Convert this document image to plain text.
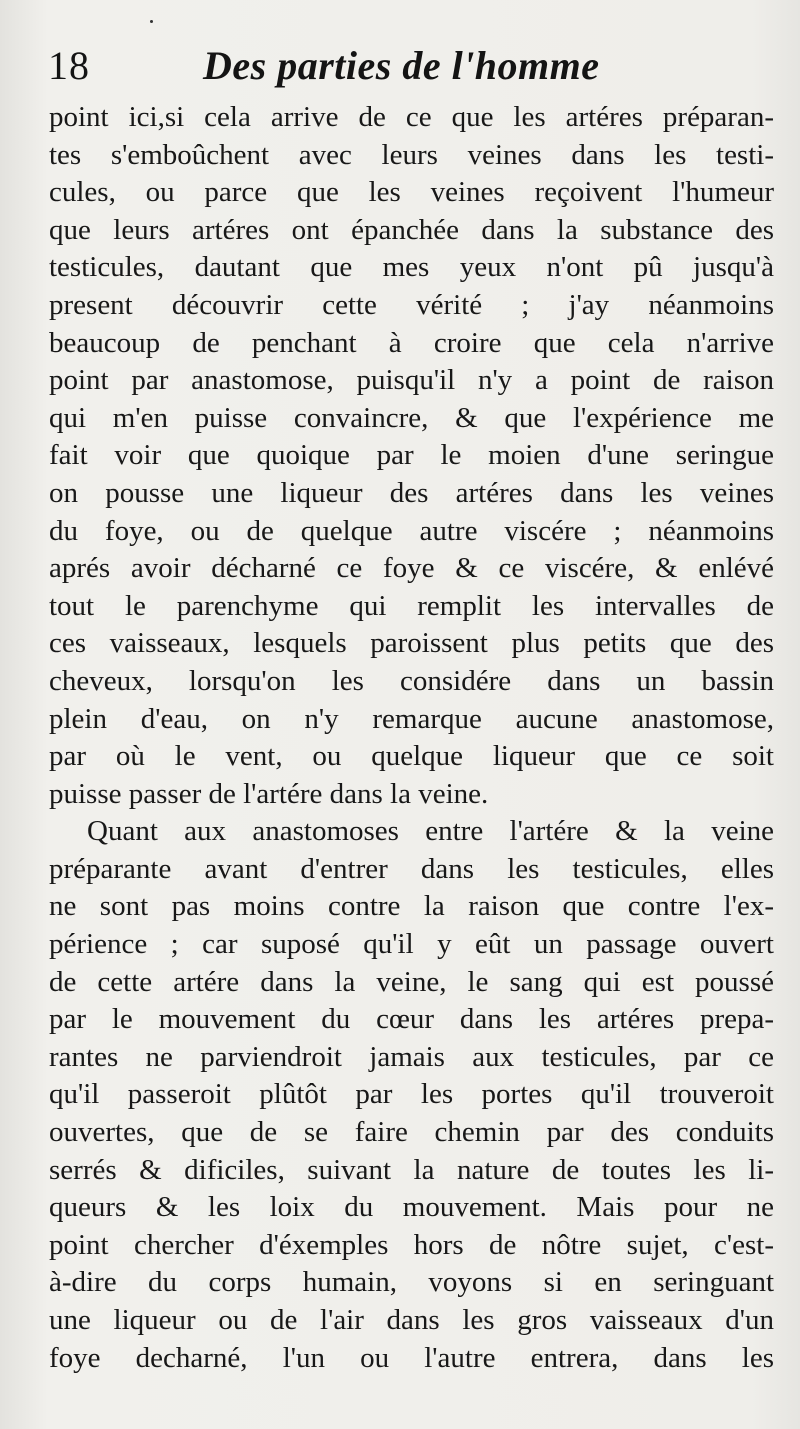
18	Des parties de l'homme
point ici,si cela arrive de ce que les artéres préparan-
tes s'emboûchent avec leurs veines dans les testi-
cules, ou parce que les veines reçoivent l'humeur
que leurs artéres ont épanchée dans la substance des
testicules, dautant que mes yeux n'ont pû jusqu'à
present découvrir cette vérité ; j'ay néanmoins
beaucoup de penchant à croire que cela n'arrive
point par anastomose, puisqu'il n'y a point de raison
qui m'en puisse convaincre, & que l'expérience me
fait voir que quoique par le moien d'une seringue
on pousse une liqueur des artéres dans les veines
du foye, ou de quelque autre viscére ; néanmoins
aprés avoir décharné ce foye & ce viscére, & enlévé
tout le parenchyme qui remplit les intervalles de
ces vaisseaux, lesquels paroissent plus petits que des
cheveux, lorsqu'on les considére dans un bassin
plein d'eau, on n'y remarque aucune anastomose,
par où le vent, ou quelque liqueur que ce soit
puisse passer de l'artére dans la veine.
Quant aux anastomoses entre l'artére & la veine
préparante avant d'entrer dans les testicules, elles
ne sont pas moins contre la raison que contre l'ex-
périence ; car suposé qu'il y eût un passage ouvert
de cette artére dans la veine, le sang qui est poussé
par le mouvement du cœur dans les artéres prepa-
rantes ne parviendroit jamais aux testicules, par ce
qu'il passeroit plûtôt par les portes qu'il trouveroit
ouvertes, que de se faire chemin par des conduits
serrés & dificiles, suivant la nature de toutes les li-
queurs & les loix du mouvement. Mais pour ne
point chercher d'éxemples hors de nôtre sujet, c'est-
à-dire du corps humain, voyons si en seringuant
une liqueur ou de l'air dans les gros vaisseaux d'un
foye decharné, l'un ou l'autre entrera, dans les
